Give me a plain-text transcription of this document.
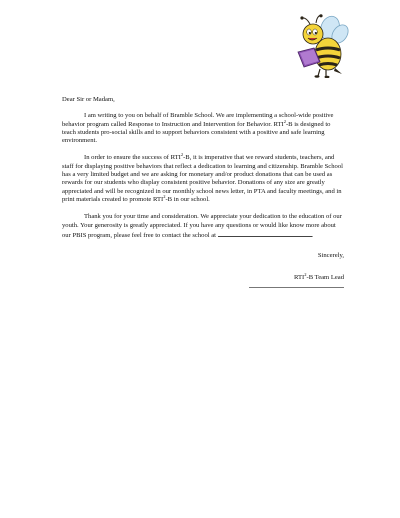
Dear Sir or Madam,

I am writing to you on behalf of Bramble School. We are implementing a school-wide positive behavior program called Response to Instruction and Intervention for Behavior. RTI$^2$-B is designed to teach students pro-social skills and to support behaviors consistent with a positive and safe learning environment.

In order to ensure the success of RTI$^2$-B, it is imperative that we reward students, teachers, and staff for displaying positive behaviors that reflect a dedication to learning and citizenship. Bramble School has a very limited budget and we are asking for monetary and/or product donations that can be used as rewards for our students who display consistent positive behavior. Donations of any size are greatly appreciated and will be recognized in our monthly school news letter, in PTA and faculty meetings, and in print materials created to promote RTI$^2$-B in our school.

Thank you for your time and consideration. We appreciate your dedication to the education of our youth. Your generosity is greatly appreciated. If you have any questions or would like know more about our PBIS program, please feel free to contact the school at	.

Sincerely,

RTI$^2$-B Team Lead
